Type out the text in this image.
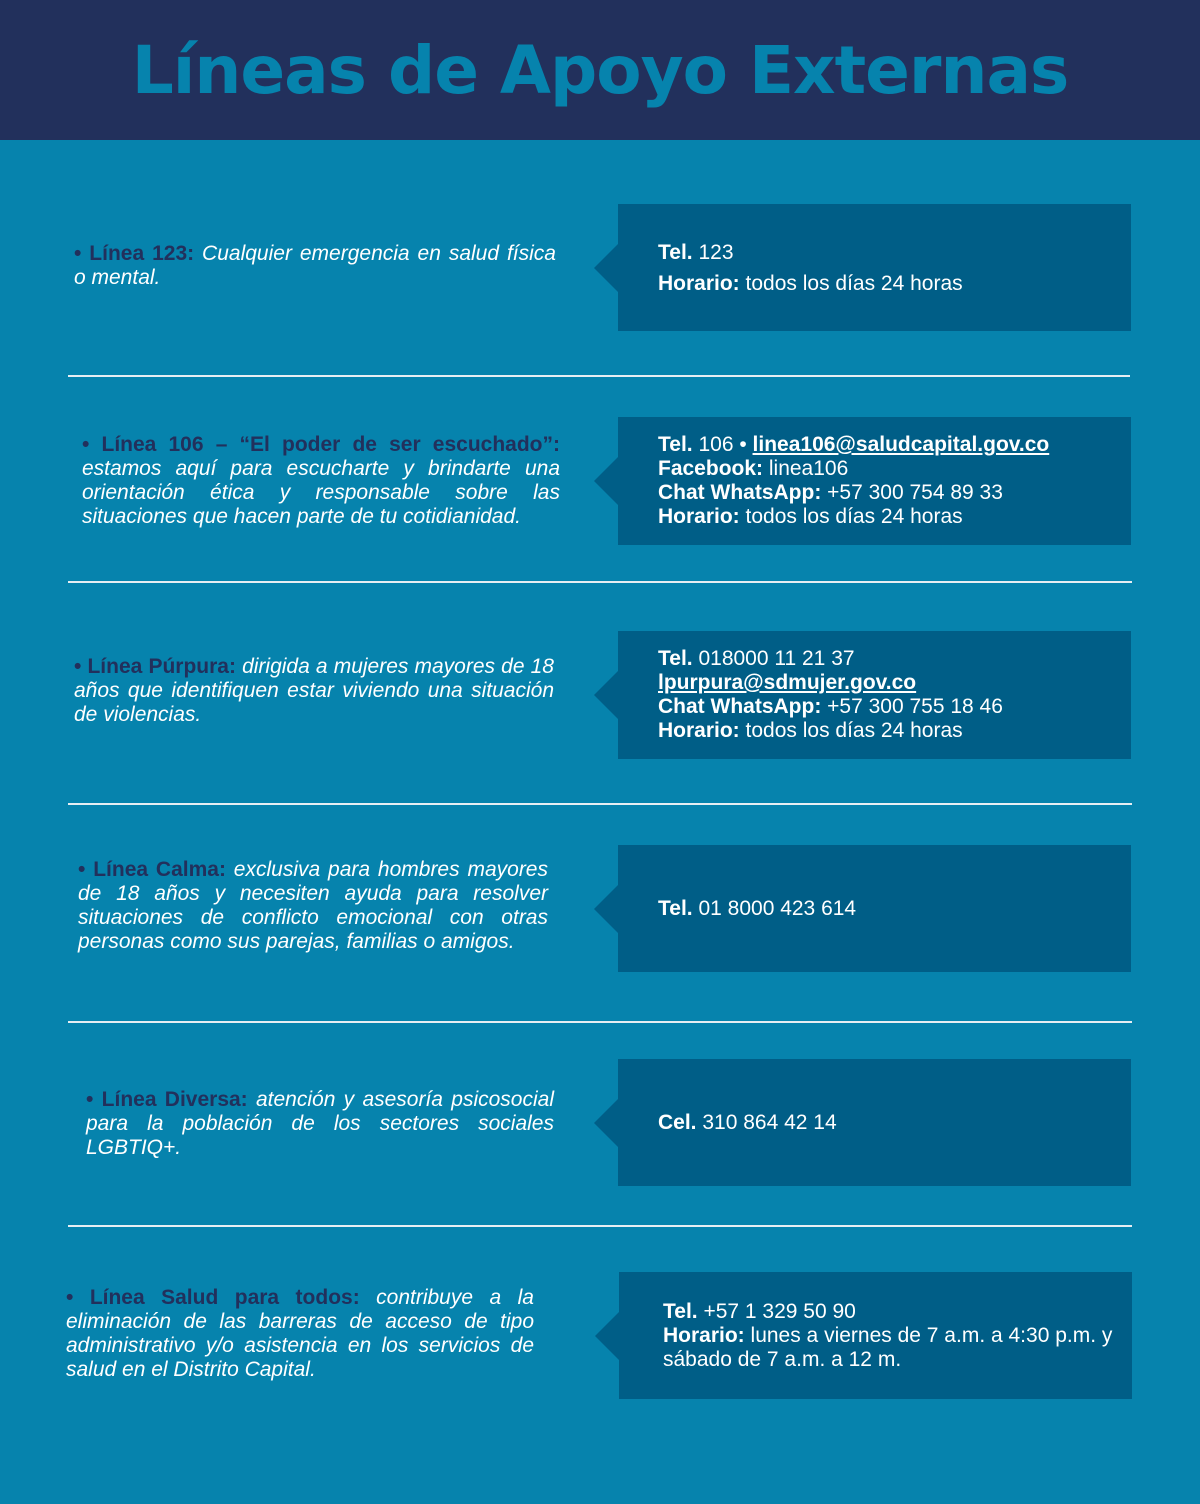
Líneas de Apoyo Externas
• Línea 123: Cualquier emergencia en salud física o mental.
Tel. 123
Horario: todos los días 24 horas
• Línea 106 – “El poder de ser escuchado”: estamos aquí para escucharte y brindarte una orientación ética y responsable sobre las situaciones que hacen parte de tu cotidianidad.
Tel. 106 • linea106@saludcapital.gov.co
Facebook: linea106
Chat WhatsApp: +57 300 754 89 33
Horario: todos los días 24 horas
• Línea Púrpura: dirigida a mujeres mayores de 18 años que identifiquen estar viviendo una situación de violencias.
Tel. 018000 11 21 37
lpurpura@sdmujer.gov.co
Chat WhatsApp: +57 300 755 18 46
Horario: todos los días 24 horas
• Línea Calma: exclusiva para hombres mayores de 18 años y necesiten ayuda para resolver situaciones de conflicto emocional con otras personas como sus parejas, familias o amigos.
Tel. 01 8000 423 614
• Línea Diversa: atención y asesoría psicosocial para la población de los sectores sociales LGBTIQ+.
Cel. 310 864 42 14
• Línea Salud para todos: contribuye a la eliminación de las barreras de acceso de tipo administrativo y/o asistencia en los servicios de salud en el Distrito Capital.
Tel. +57 1 329 50 90
Horario: lunes a viernes de 7 a.m. a 4:30 p.m. y sábado de 7 a.m. a 12 m.
